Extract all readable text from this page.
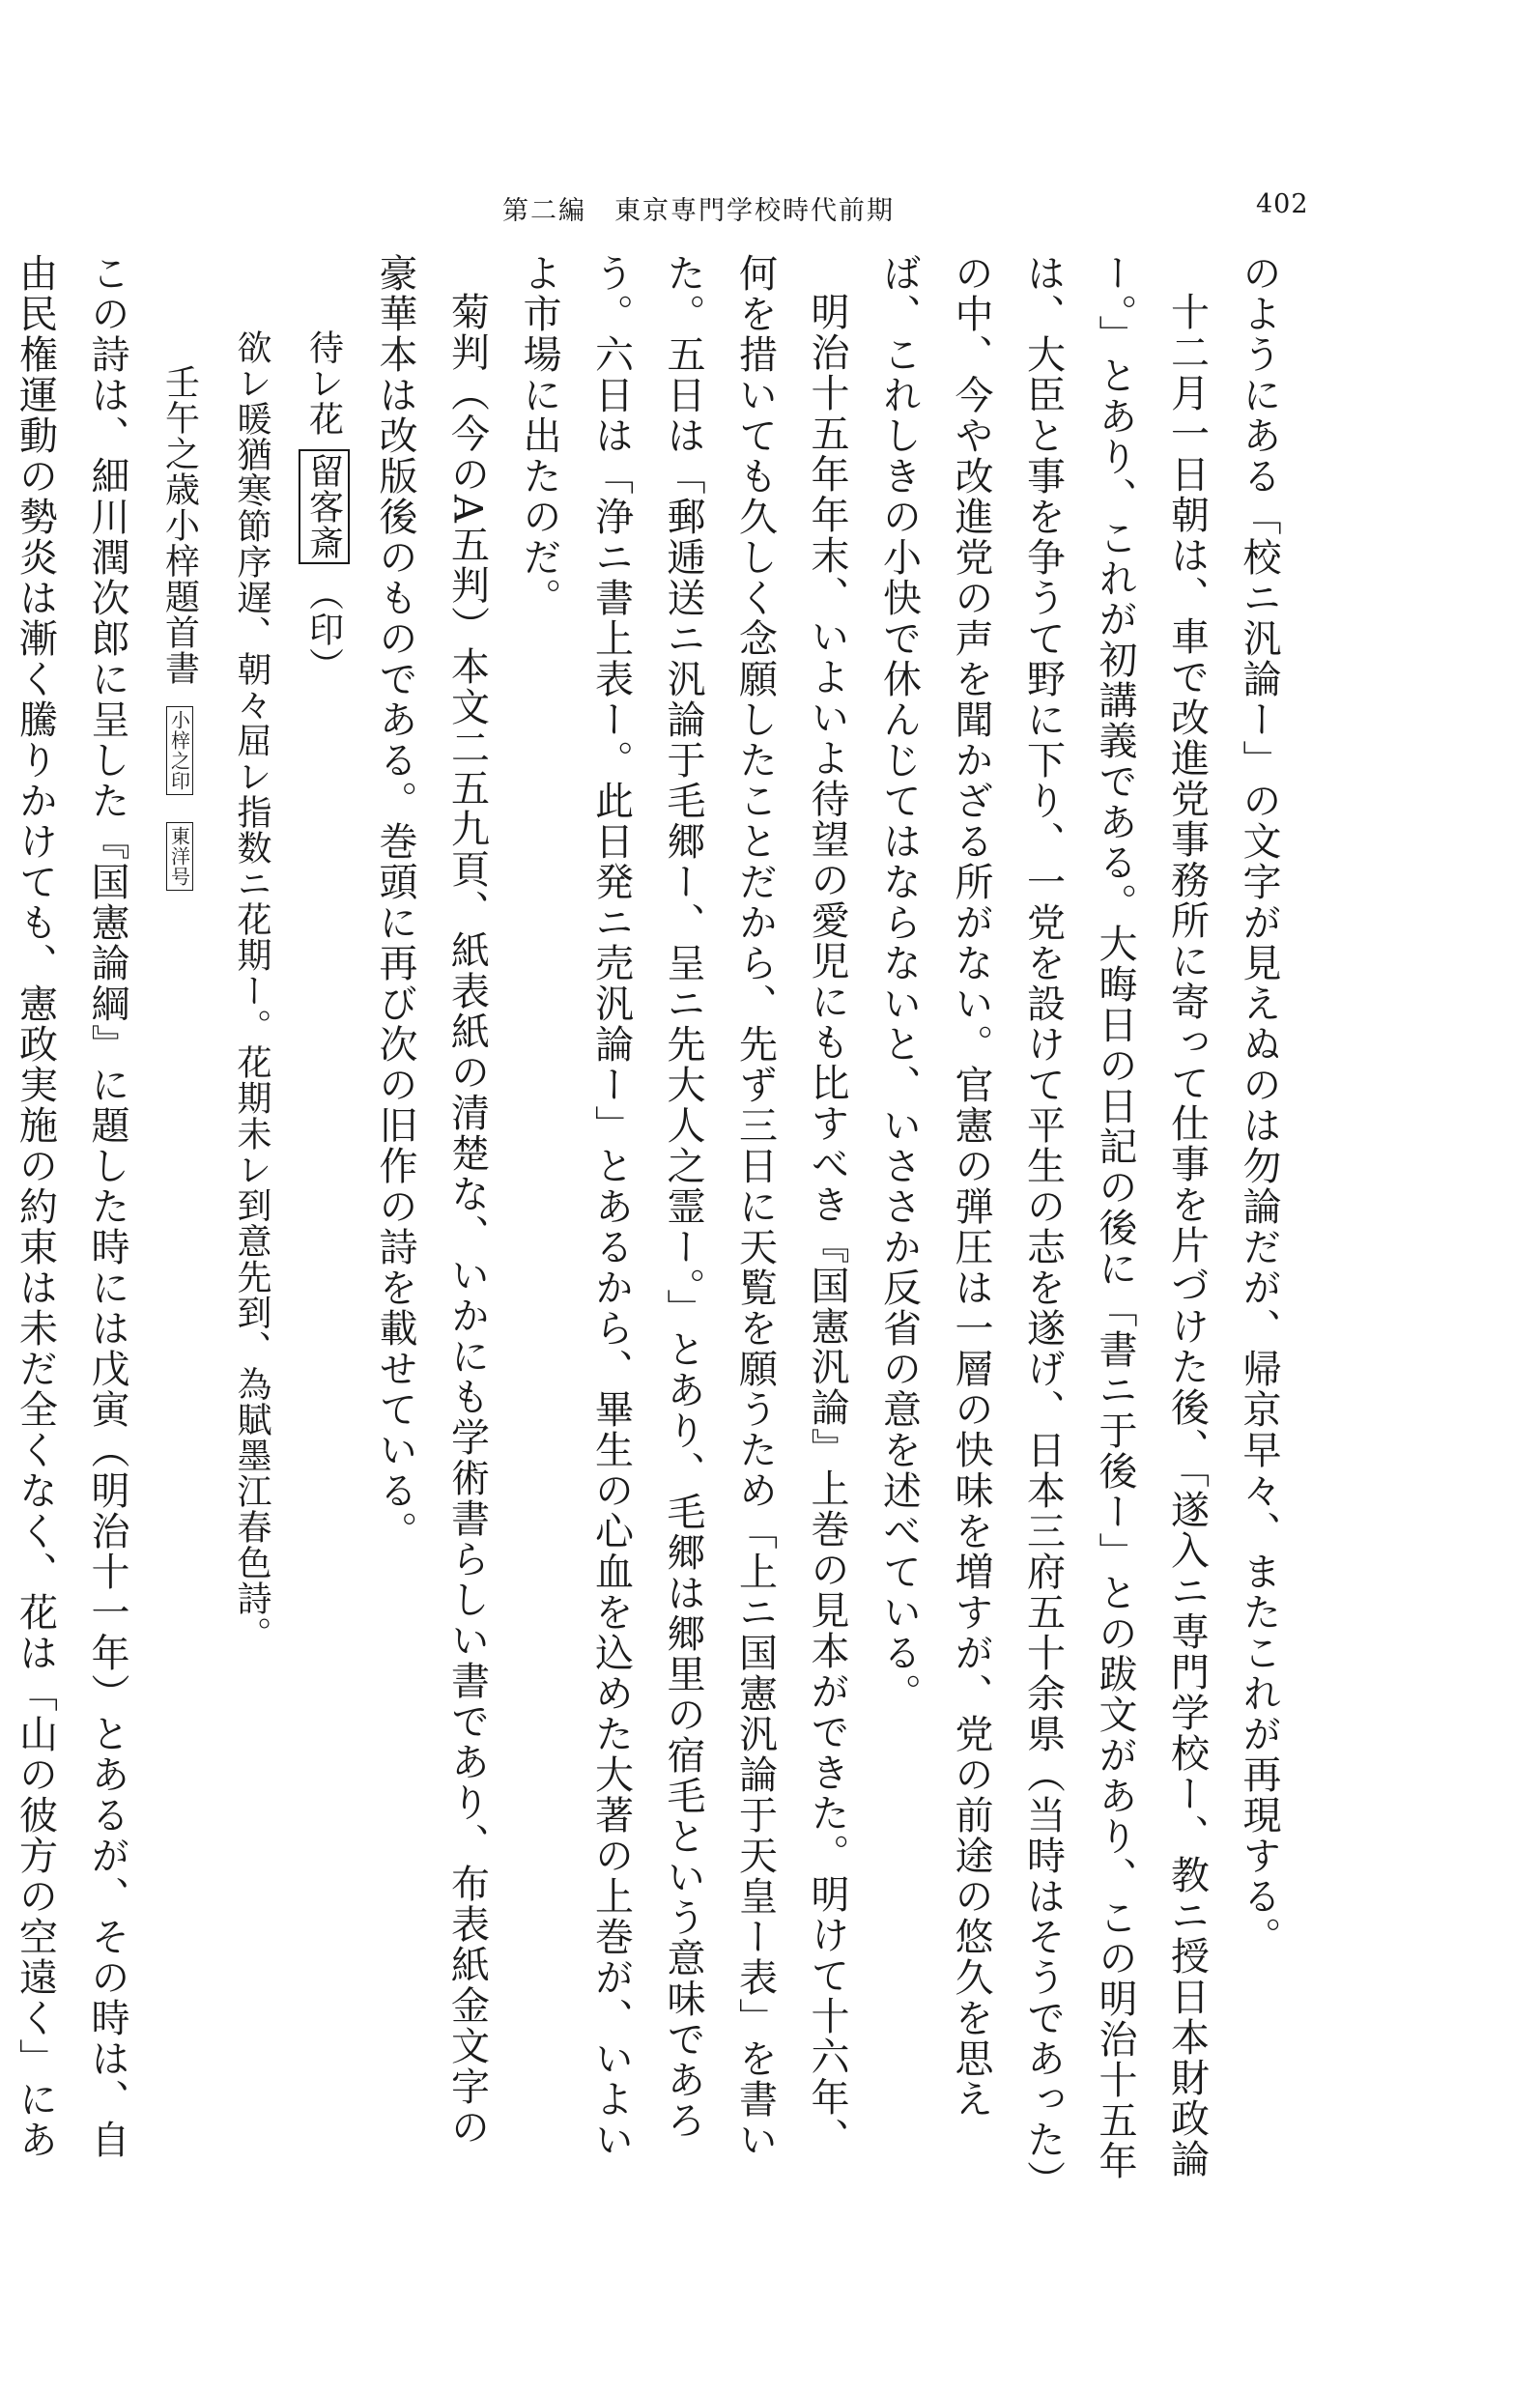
第二編　東京専門学校時代前期	402

のようにある「校ニ汎論ー」の文字が見えぬのは勿論だが、帰京早々、またこれが再現する。

十二月一日朝は、車で改進党事務所に寄って仕事を片づけた後、「遂入ニ専門学校ー、教ニ授日本財政論ー。」とあり、これが初講義である。大晦日の日記の後に「書ニ于後ー」との跋文があり、この明治十五年は、大臣と事を争うて野に下り、一党を設けて平生の志を遂げ、日本三府五十余県（当時はそうであった）の中、今や改進党の声を聞かざる所がない。官憲の弾圧は一層の快味を増すが、党の前途の悠久を思えば、これしきの小快で休んじてはならないと、いささか反省の意を述べている。

明治十五年年末、いよいよ待望の愛児にも比すべき『国憲汎論』上巻の見本ができた。明けて十六年、何を措いても久しく念願したことだから、先ず三日に天覧を願うため「上ニ国憲汎論于天皇ー表」を書いた。五日は「郵逓送ニ汎論于毛郷ー、呈ニ先大人之霊ー。」とあり、毛郷は郷里の宿毛という意味であろう。六日は「浄ニ書上表ー。此日発ニ売汎論ー」とあるから、畢生の心血を込めた大著の上巻が、いよいよ市場に出たのだ。

菊判（今のA五判）本文二五九頁、紙表紙の清楚な、いかにも学術書らしい書であり、布表紙金文字の豪華本は改版後のものである。巻頭に再び次の旧作の詩を載せている。

待レ花 留客斎 （印）

欲レ暖猶寒節序遅、朝々屈レ指数ニ花期ー。花期未レ到意先到、為賦墨江春色詩。

壬午之歳小梓題首書 小梓之印 東洋号

この詩は、細川潤次郎に呈した『国憲論綱』に題した時には戊寅（明治十一年）とあるが、その時は、自由民権運動の勢炎は漸く騰りかけても、憲政実施の約束は未だ全くなく、花は「山の彼方の空遠く」にあ
